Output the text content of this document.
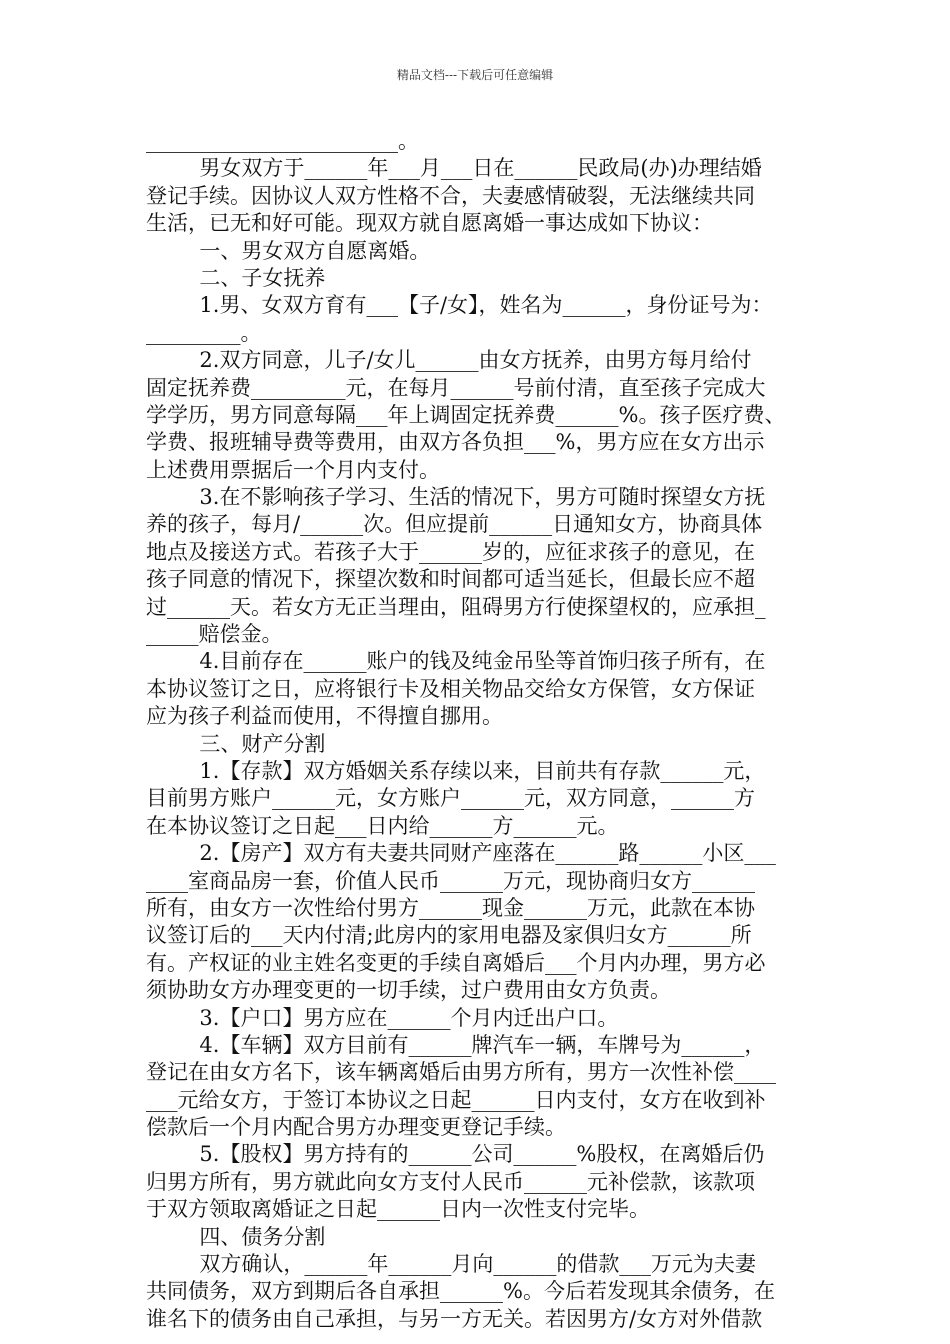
精品文档---下载后可任意编辑
________________________。
男女双方于______年___月___日在______民政局(办)办理结婚
登记手续。因协议人双方性格不合，夫妻感情破裂，无法继续共同
生活，已无和好可能。现双方就自愿离婚一事达成如下协议：
一、男女双方自愿离婚。
二、子女抚养
1.男、女双方育有___【子/女】，姓名为______，身份证号为：
_________。
2.双方同意，儿子/女儿______由女方抚养，由男方每月给付
固定抚养费_________元，在每月______号前付清，直至孩子完成大
学学历，男方同意每隔___年上调固定抚养费______%。孩子医疗费、
学费、报班辅导费等费用，由双方各负担___%，男方应在女方出示
上述费用票据后一个月内支付。
3.在不影响孩子学习、生活的情况下，男方可随时探望女方抚
养的孩子，每月/______次。但应提前______日通知女方，协商具体
地点及接送方式。若孩子大于______岁的，应征求孩子的意见，在
孩子同意的情况下，探望次数和时间都可适当延长，但最长应不超
过______天。若女方无正当理由，阻碍男方行使探望权的，应承担_
_____赔偿金。
4.目前存在______账户的钱及纯金吊坠等首饰归孩子所有，在
本协议签订之日，应将银行卡及相关物品交给女方保管，女方保证
应为孩子利益而使用，不得擅自挪用。
三、财产分割
1.【存款】双方婚姻关系存续以来，目前共有存款______元，
目前男方账户______元，女方账户______元，双方同意，______方
在本协议签订之日起___日内给______方______元。
2.【房产】双方有夫妻共同财产座落在______路______小区___
____室商品房一套，价值人民币______万元，现协商归女方______
所有，由女方一次性给付男方______现金______万元，此款在本协
议签订后的___天内付清;此房内的家用电器及家俱归女方______所
有。产权证的业主姓名变更的手续自离婚后___个月内办理，男方必
须协助女方办理变更的一切手续，过户费用由女方负责。
3.【户口】男方应在______个月内迁出户口。
4.【车辆】双方目前有______牌汽车一辆，车牌号为______，
登记在由女方名下，该车辆离婚后由男方所有，男方一次性补偿____
___元给女方，于签订本协议之日起______日内支付，女方在收到补
偿款后一个月内配合男方办理变更登记手续。
5.【股权】男方持有的______公司______%股权，在离婚后仍
归男方所有，男方就此向女方支付人民币______元补偿款，该款项
于双方领取离婚证之日起______日内一次性支付完毕。
四、债务分割
双方确认，______年______月向______的借款___万元为夫妻
共同债务，双方到期后各自承担______%。今后若发现其余债务，在
谁名下的债务由自己承担，与另一方无关。若因男方/女方对外借款
